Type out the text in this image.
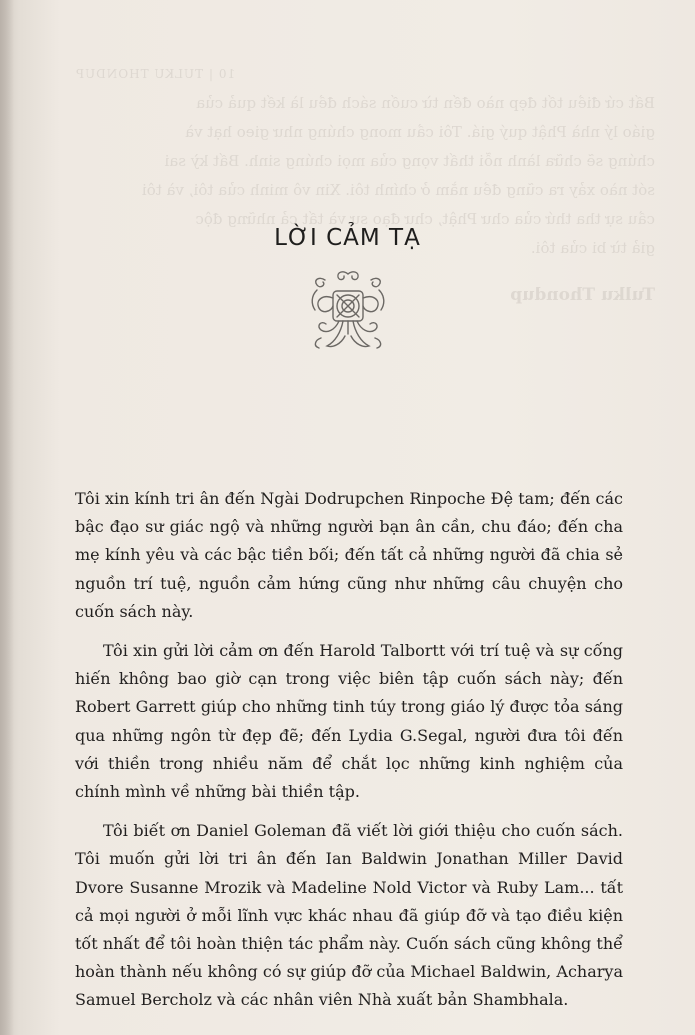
10 | TULKU THONDUP
Bất cứ điều tốt đẹp nào đến từ cuốn sách đều là kết quả của
giáo lý nhà Phật quý giá. Tôi cầu mong chúng như gieo hạt và
chúng sẽ chữa lành nỗi thất vọng của mọi chúng sinh. Bất kỳ sai
sót nào xảy ra cũng đều nằm ở chính tôi. Xin vô minh của tôi, và tôi
cầu sự tha thứ của chư Phật, chư đạo sư và tất cả những độc
giả từ bi của tôi.
Tulku Thondup
LỜI CẢM TẠ

Tôi xin kính tri ân đến Ngài Dodrupchen Rinpoche Đệ tam; đến các bậc đạo sư giác ngộ và những người bạn ân cần, chu đáo; đến cha mẹ kính yêu và các bậc tiền bối; đến tất cả những người đã chia sẻ nguồn trí tuệ, nguồn cảm hứng cũng như những câu chuyện cho cuốn sách này.

Tôi xin gửi lời cảm ơn đến Harold Talbortt với trí tuệ và sự cống hiến không bao giờ cạn trong việc biên tập cuốn sách này; đến Robert Garrett giúp cho những tinh túy trong giáo lý được tỏa sáng qua những ngôn từ đẹp đẽ; đến Lydia G.Segal, người đưa tôi đến với thiền trong nhiều năm để chắt lọc những kinh nghiệm của chính mình về những bài thiền tập.

Tôi biết ơn Daniel Goleman đã viết lời giới thiệu cho cuốn sách. Tôi muốn gửi lời tri ân đến Ian Baldwin Jonathan Miller David Dvore Susanne Mrozik và Madeline Nold Victor và Ruby Lam... tất cả mọi người ở mỗi lĩnh vực khác nhau đã giúp đỡ và tạo điều kiện tốt nhất để tôi hoàn thiện tác phẩm này. Cuốn sách cũng không thể hoàn thành nếu không có sự giúp đỡ của Michael Baldwin, Acharya Samuel Bercholz và các nhân viên Nhà xuất bản Shambhala.
